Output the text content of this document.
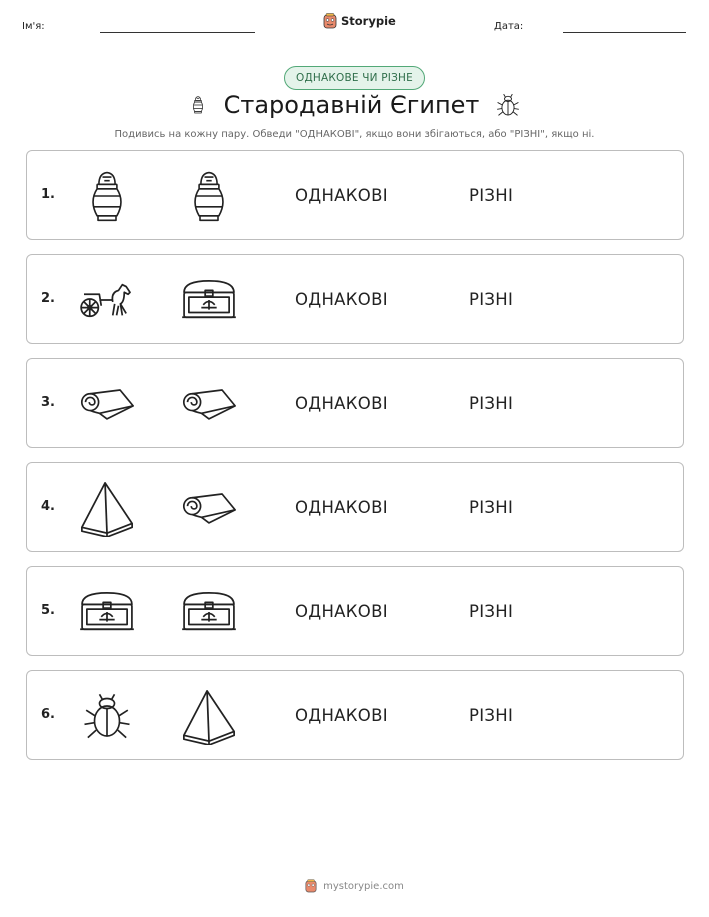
Ім'я:	Storypie	Дата:
ОДНАКОВЕ ЧИ РІЗНЕ
Стародавній Єгипет
Подивись на кожну пару. Обведи "ОДНАКОВІ", якщо вони збігаються, або "РІЗНІ", якщо ні.
1.	ОДНАКОВІ	РІЗНІ
2.	ОДНАКОВІ	РІЗНІ
3.	ОДНАКОВІ	РІЗНІ
4.	ОДНАКОВІ	РІЗНІ
5.	ОДНАКОВІ	РІЗНІ
6.	ОДНАКОВІ	РІЗНІ
mystorypie.com
